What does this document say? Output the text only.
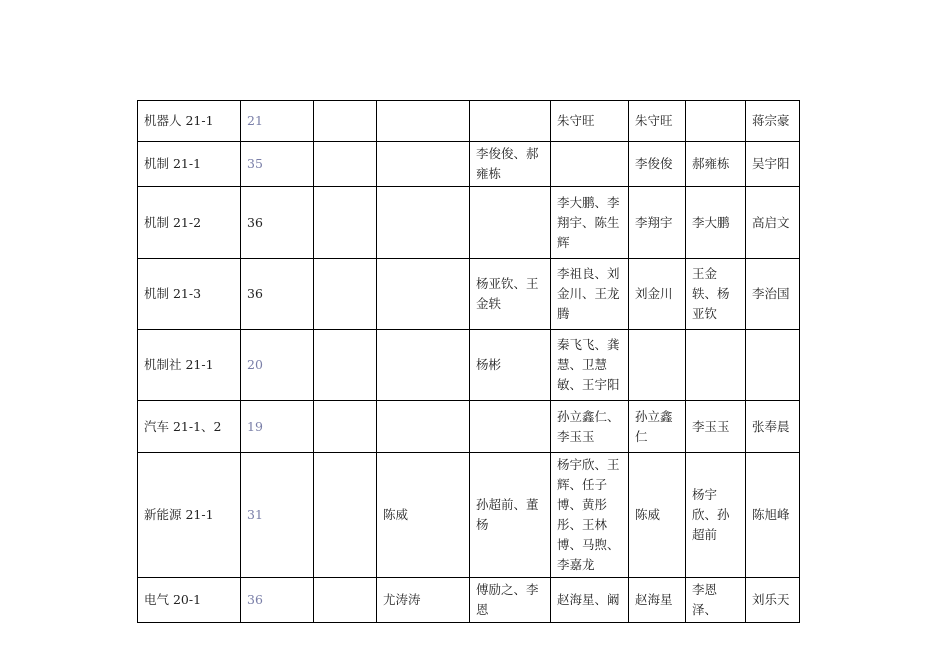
机器人 21-1	21				朱守旺	朱守旺		蒋宗豪
机制 21-1	35			李俊俊、郝雍栋		李俊俊	郝雍栋	吴宇阳
机制 21-2	36				李大鹏、李翔宇、陈生辉	李翔宇	李大鹏	高启文
机制 21-3	36			杨亚钦、王金轶	李祖良、刘金川、王龙腾	刘金川	王金轶、杨亚钦	李治国
机制社 21-1	20			杨彬	秦飞飞、龚慧、卫慧敏、王宇阳			
汽车 21-1、2	19				孙立鑫仁、李玉玉	孙立鑫仁	李玉玉	张奉晨
新能源 21-1	31		陈威	孙超前、董杨	杨宇欣、王辉、任子博、黄彤彤、王林博、马煦、李嘉龙	陈威	杨宇欣、孙超前	陈旭峰
电气 20-1	36		尤涛涛	傅励之、李恩	赵海星、阚	赵海星	李恩泽、	刘乐天
